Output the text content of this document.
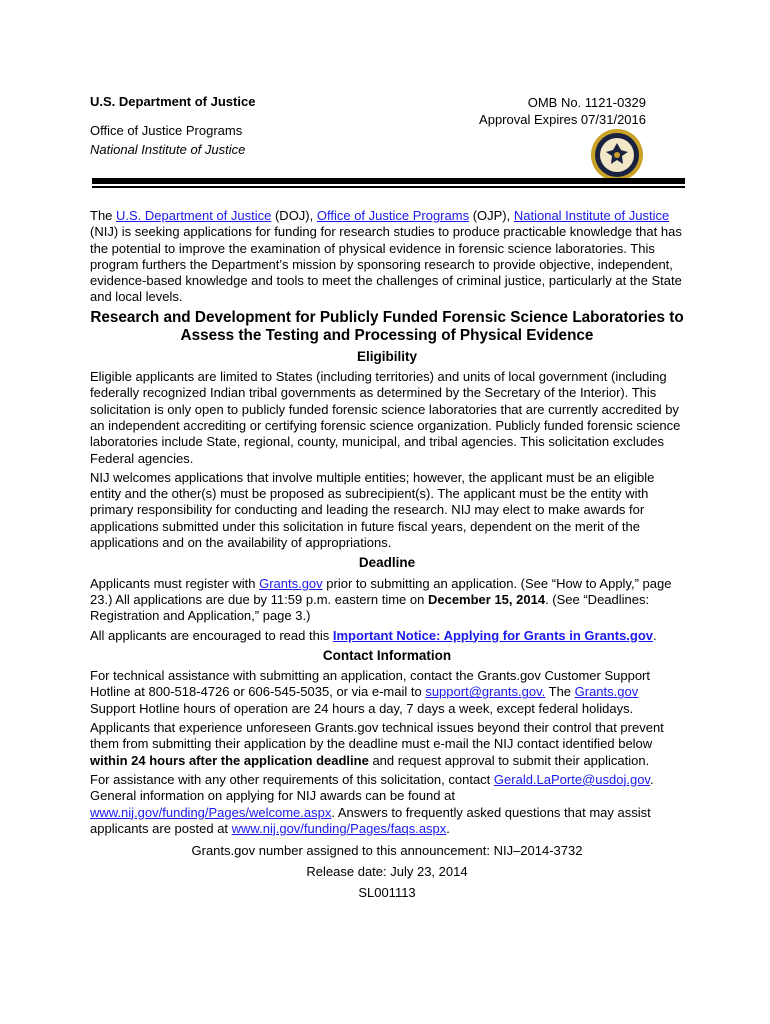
U.S. Department of Justice
Office of Justice Programs
National Institute of Justice
OMB No. 1121-0329
Approval Expires 07/31/2016

The U.S. Department of Justice (DOJ), Office of Justice Programs (OJP), National Institute of Justice (NIJ) is seeking applications for funding for research studies to produce practicable knowledge that has the potential to improve the examination of physical evidence in forensic science laboratories. This program furthers the Department’s mission by sponsoring research to provide objective, independent, evidence-based knowledge and tools to meet the challenges of criminal justice, particularly at the State and local levels.

Research and Development for Publicly Funded Forensic Science Laboratories to
Assess the Testing and Processing of Physical Evidence
Eligibility

Eligible applicants are limited to States (including territories) and units of local government (including federally recognized Indian tribal governments as determined by the Secretary of the Interior). This solicitation is only open to publicly funded forensic science laboratories that are currently accredited by an independent accrediting or certifying forensic science organization. Publicly funded forensic science laboratories include State, regional, county, municipal, and tribal agencies. This solicitation excludes Federal agencies.

NIJ welcomes applications that involve multiple entities; however, the applicant must be an eligible entity and the other(s) must be proposed as subrecipient(s). The applicant must be the entity with primary responsibility for conducting and leading the research. NIJ may elect to make awards for applications submitted under this solicitation in future fiscal years, dependent on the merit of the applications and on the availability of appropriations.

Deadline

Applicants must register with Grants.gov prior to submitting an application. (See “How to Apply,” page 23.) All applications are due by 11:59 p.m. eastern time on December 15, 2014. (See “Deadlines: Registration and Application,” page 3.)

All applicants are encouraged to read this Important Notice: Applying for Grants in Grants.gov.

Contact Information

For technical assistance with submitting an application, contact the Grants.gov Customer Support Hotline at 800-518-4726 or 606-545-5035, or via e-mail to support@grants.gov. The Grants.gov Support Hotline hours of operation are 24 hours a day, 7 days a week, except federal holidays.

Applicants that experience unforeseen Grants.gov technical issues beyond their control that prevent them from submitting their application by the deadline must e-mail the NIJ contact identified below within 24 hours after the application deadline and request approval to submit their application.

For assistance with any other requirements of this solicitation, contact Gerald.LaPorte@usdoj.gov. General information on applying for NIJ awards can be found at www.nij.gov/funding/Pages/welcome.aspx. Answers to frequently asked questions that may assist applicants are posted at www.nij.gov/funding/Pages/faqs.aspx.

Grants.gov number assigned to this announcement: NIJ–2014-3732
Release date: July 23, 2014
SL001113
